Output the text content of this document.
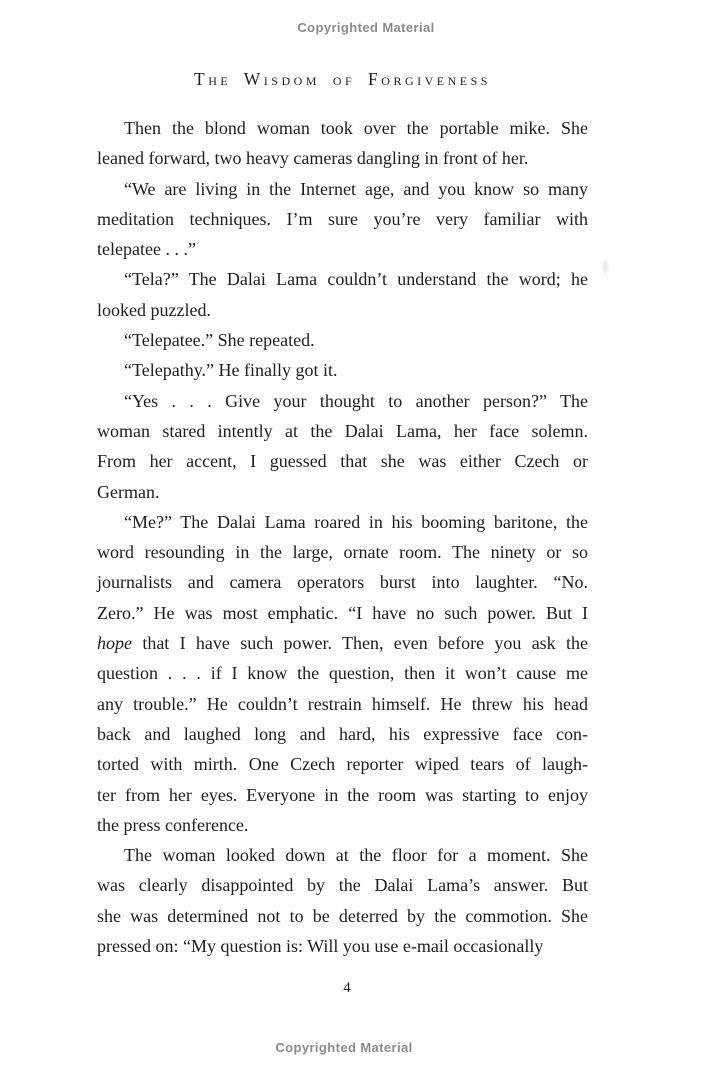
Copyrighted Material
The Wisdom of Forgiveness
Then the blond woman took over the portable mike. She
leaned forward, two heavy cameras dangling in front of her.
“We are living in the Internet age, and you know so many
meditation techniques. I’m sure you’re very familiar with
telepatee . . .”
“Tela?” The Dalai Lama couldn’t understand the word; he
looked puzzled.
“Telepatee.” She repeated.
“Telepathy.” He finally got it.
“Yes . . . Give your thought to another person?” The
woman stared intently at the Dalai Lama, her face solemn.
From her accent, I guessed that she was either Czech or
German.
“Me?” The Dalai Lama roared in his booming baritone, the
word resounding in the large, ornate room. The ninety or so
journalists and camera operators burst into laughter. “No.
Zero.” He was most emphatic. “I have no such power. But I
hope that I have such power. Then, even before you ask the
question . . . if I know the question, then it won’t cause me
any trouble.” He couldn’t restrain himself. He threw his head
back and laughed long and hard, his expressive face con-
torted with mirth. One Czech reporter wiped tears of laugh-
ter from her eyes. Everyone in the room was starting to enjoy
the press conference.
The woman looked down at the floor for a moment. She
was clearly disappointed by the Dalai Lama’s answer. But
she was determined not to be deterred by the commotion. She
pressed on: “My question is: Will you use e-mail occasionally
4
Copyrighted Material
